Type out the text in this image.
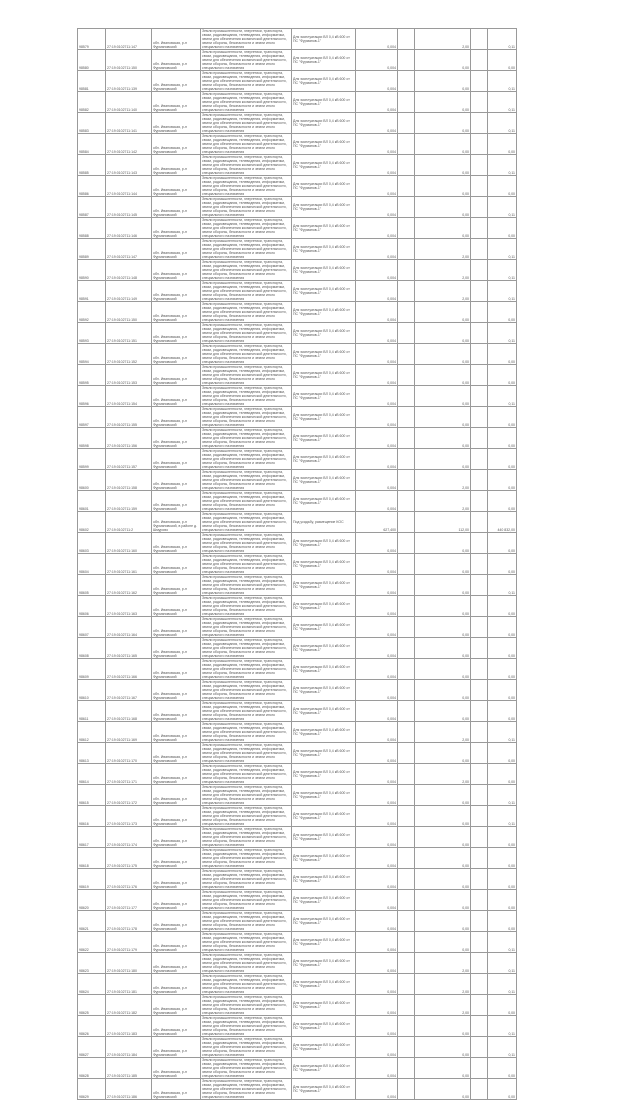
98579	27:19:0102711:147	обл. Ивановская, р-н Фурмановский	Земли промышленности, энергетики, транспорта, связи, радиовещания, телевидения, информатики, земли для обеспечения космической деятельности, земли обороны, безопасности и земли иного специального назначения	Для эксплуатации ВЛ 0,4 кВ 600 от ПС "Фурманов-1"	0,004		2,00		0,11
98580	27:19:0102711:150	обл. Ивановская, р-н Фурмановский	Земли промышленности, энергетики, транспорта, связи, радиовещания, телевидения, информатики, земли для обеспечения космической деятельности, земли обороны, безопасности и земли иного специального назначения	Для эксплуатации ВЛ 0,4 кВ 600 от ПС "Фурманов-1"	0,004		0,00		0,00
98581	27:19:0102711:139	обл. Ивановская, р-н Фурмановский	Земли промышленности, энергетики, транспорта, связи, радиовещания, телевидения, информатики, земли для обеспечения космической деятельности, земли обороны, безопасности и земли иного специального назначения	Для эксплуатации ВЛ 0,4 кВ 600 от ПС "Фурманов-1"	0,004		0,00		0,11
98582	27:19:0102711:140	обл. Ивановская, р-н Фурмановский	Земли промышленности, энергетики, транспорта, связи, радиовещания, телевидения, информатики, земли для обеспечения космической деятельности, земли обороны, безопасности и земли иного специального назначения	Для эксплуатации ВЛ 0,4 кВ 600 от ПС "Фурманов-1"	0,004		0,00		0,11
98583	27:19:0102711:141	обл. Ивановская, р-н Фурмановский	Земли промышленности, энергетики, транспорта, связи, радиовещания, телевидения, информатики, земли для обеспечения космической деятельности, земли обороны, безопасности и земли иного специального назначения	Для эксплуатации ВЛ 0,4 кВ 600 от ПС "Фурманов-1"	0,004		0,00		0,11
98584	27:19:0102711:142	обл. Ивановская, р-н Фурмановский	Земли промышленности, энергетики, транспорта, связи, радиовещания, телевидения, информатики, земли для обеспечения космической деятельности, земли обороны, безопасности и земли иного специального назначения	Для эксплуатации ВЛ 0,4 кВ 600 от ПС "Фурманов-1"	0,004		0,00		0,00
98585	27:19:0102711:143	обл. Ивановская, р-н Фурмановский	Земли промышленности, энергетики, транспорта, связи, радиовещания, телевидения, информатики, земли для обеспечения космической деятельности, земли обороны, безопасности и земли иного специального назначения	Для эксплуатации ВЛ 0,4 кВ 600 от ПС "Фурманов-1"	0,004		0,00		0,11
98586	27:19:0102711:144	обл. Ивановская, р-н Фурмановский	Земли промышленности, энергетики, транспорта, связи, радиовещания, телевидения, информатики, земли для обеспечения космической деятельности, земли обороны, безопасности и земли иного специального назначения	Для эксплуатации ВЛ 0,4 кВ 600 от ПС "Фурманов-1"	0,004		0,00		0,00
98587	27:19:0102711:145	обл. Ивановская, р-н Фурмановский	Земли промышленности, энергетики, транспорта, связи, радиовещания, телевидения, информатики, земли для обеспечения космической деятельности, земли обороны, безопасности и земли иного специального назначения	Для эксплуатации ВЛ 0,4 кВ 600 от ПС "Фурманов-1"	0,004		0,00		0,11
98588	27:19:0102711:146	обл. Ивановская, р-н Фурмановский	Земли промышленности, энергетики, транспорта, связи, радиовещания, телевидения, информатики, земли для обеспечения космической деятельности, земли обороны, безопасности и земли иного специального назначения	Для эксплуатации ВЛ 0,4 кВ 600 от ПС "Фурманов-1"	0,004		0,00		0,00
98589	27:19:0102711:147	обл. Ивановская, р-н Фурмановский	Земли промышленности, энергетики, транспорта, связи, радиовещания, телевидения, информатики, земли для обеспечения космической деятельности, земли обороны, безопасности и земли иного специального назначения	Для эксплуатации ВЛ 0,4 кВ 600 от ПС "Фурманов-1"	0,004		2,00		0,11
98590	27:19:0102711:148	обл. Ивановская, р-н Фурмановский	Земли промышленности, энергетики, транспорта, связи, радиовещания, телевидения, информатики, земли для обеспечения космической деятельности, земли обороны, безопасности и земли иного специального назначения	Для эксплуатации ВЛ 0,4 кВ 600 от ПС "Фурманов-1"	0,004		2,00		0,11
98591	27:19:0102711:149	обл. Ивановская, р-н Фурмановский	Земли промышленности, энергетики, транспорта, связи, радиовещания, телевидения, информатики, земли для обеспечения космической деятельности, земли обороны, безопасности и земли иного специального назначения	Для эксплуатации ВЛ 0,4 кВ 600 от ПС "Фурманов-1"	0,004		2,00		0,11
98592	27:19:0102711:150	обл. Ивановская, р-н Фурмановский	Земли промышленности, энергетики, транспорта, связи, радиовещания, телевидения, информатики, земли для обеспечения космической деятельности, земли обороны, безопасности и земли иного специального назначения	Для эксплуатации ВЛ 0,4 кВ 600 от ПС "Фурманов-1"	0,004		0,00		0,00
98593	27:19:0102711:151	обл. Ивановская, р-н Фурмановский	Земли промышленности, энергетики, транспорта, связи, радиовещания, телевидения, информатики, земли для обеспечения космической деятельности, земли обороны, безопасности и земли иного специального назначения	Для эксплуатации ВЛ 0,4 кВ 600 от ПС "Фурманов-1"	0,004		0,00		0,11
98594	27:19:0102711:152	обл. Ивановская, р-н Фурмановский	Земли промышленности, энергетики, транспорта, связи, радиовещания, телевидения, информатики, земли для обеспечения космической деятельности, земли обороны, безопасности и земли иного специального назначения	Для эксплуатации ВЛ 0,4 кВ 600 от ПС "Фурманов-1"	0,004		0,00		0,00
98595	27:19:0102711:153	обл. Ивановская, р-н Фурмановский	Земли промышленности, энергетики, транспорта, связи, радиовещания, телевидения, информатики, земли для обеспечения космической деятельности, земли обороны, безопасности и земли иного специального назначения	Для эксплуатации ВЛ 0,4 кВ 600 от ПС "Фурманов-1"	0,004		0,00		0,00
98596	27:19:0102711:154	обл. Ивановская, р-н Фурмановский	Земли промышленности, энергетики, транспорта, связи, радиовещания, телевидения, информатики, земли для обеспечения космической деятельности, земли обороны, безопасности и земли иного специального назначения	Для эксплуатации ВЛ 0,4 кВ 600 от ПС "Фурманов-1"	0,004		0,00		0,11
98597	27:19:0102711:155	обл. Ивановская, р-н Фурмановский	Земли промышленности, энергетики, транспорта, связи, радиовещания, телевидения, информатики, земли для обеспечения космической деятельности, земли обороны, безопасности и земли иного специального назначения	Для эксплуатации ВЛ 0,4 кВ 600 от ПС "Фурманов-1"	0,004		0,00		0,00
98598	27:19:0102711:156	обл. Ивановская, р-н Фурмановский	Земли промышленности, энергетики, транспорта, связи, радиовещания, телевидения, информатики, земли для обеспечения космической деятельности, земли обороны, безопасности и земли иного специального назначения	Для эксплуатации ВЛ 0,4 кВ 600 от ПС "Фурманов-1"	0,004		0,00		0,00
98599	27:19:0102711:157	обл. Ивановская, р-н Фурмановский	Земли промышленности, энергетики, транспорта, связи, радиовещания, телевидения, информатики, земли для обеспечения космической деятельности, земли обороны, безопасности и земли иного специального назначения	Для эксплуатации ВЛ 0,4 кВ 600 от ПС "Фурманов-1"	0,004		0,00		0,00
98600	27:19:0102711:158	обл. Ивановская, р-н Фурмановский	Земли промышленности, энергетики, транспорта, связи, радиовещания, телевидения, информатики, земли для обеспечения космической деятельности, земли обороны, безопасности и земли иного специального назначения	Для эксплуатации ВЛ 0,4 кВ 600 от ПС "Фурманов-1"	0,004		2,00		0,00
98601	27:19:0102711:159	обл. Ивановская, р-н Фурмановский	Земли промышленности, энергетики, транспорта, связи, радиовещания, телевидения, информатики, земли для обеспечения космической деятельности, земли обороны, безопасности и земли иного специального назначения	Для эксплуатации ВЛ 0,4 кВ 600 от ПС "Фурманов-1"	0,004		2,00		0,00
98602	27:19:0102711:2	обл. Ивановская, р-н Фурмановский, в районе д. Шмурово	Земли промышленности, энергетики, транспорта, связи, радиовещания, телевидения, информатики, земли для обеспечения космической деятельности, земли обороны, безопасности и земли иного специального назначения	Под усадьбу, размещение КОС	627,400		112,00		440 832,00
98603	27:19:0102711:160	обл. Ивановская, р-н Фурмановский	Земли промышленности, энергетики, транспорта, связи, радиовещания, телевидения, информатики, земли для обеспечения космической деятельности, земли обороны, безопасности и земли иного специального назначения	Для эксплуатации ВЛ 0,4 кВ 600 от ПС "Фурманов-1"	0,004		0,00		0,00
98604	27:19:0102711:161	обл. Ивановская, р-н Фурмановский	Земли промышленности, энергетики, транспорта, связи, радиовещания, телевидения, информатики, земли для обеспечения космической деятельности, земли обороны, безопасности и земли иного специального назначения	Для эксплуатации ВЛ 0,4 кВ 600 от ПС "Фурманов-1"	0,004		0,00		0,00
98605	27:19:0102711:162	обл. Ивановская, р-н Фурмановский	Земли промышленности, энергетики, транспорта, связи, радиовещания, телевидения, информатики, земли для обеспечения космической деятельности, земли обороны, безопасности и земли иного специального назначения	Для эксплуатации ВЛ 0,4 кВ 600 от ПС "Фурманов-1"	0,004		0,00		0,11
98606	27:19:0102711:163	обл. Ивановская, р-н Фурмановский	Земли промышленности, энергетики, транспорта, связи, радиовещания, телевидения, информатики, земли для обеспечения космической деятельности, земли обороны, безопасности и земли иного специального назначения	Для эксплуатации ВЛ 0,4 кВ 600 от ПС "Фурманов-1"	0,004		0,00		0,00
98607	27:19:0102711:164	обл. Ивановская, р-н Фурмановский	Земли промышленности, энергетики, транспорта, связи, радиовещания, телевидения, информатики, земли для обеспечения космической деятельности, земли обороны, безопасности и земли иного специального назначения	Для эксплуатации ВЛ 0,4 кВ 600 от ПС "Фурманов-1"	0,004		0,00		0,00
98608	27:19:0102711:165	обл. Ивановская, р-н Фурмановский	Земли промышленности, энергетики, транспорта, связи, радиовещания, телевидения, информатики, земли для обеспечения космической деятельности, земли обороны, безопасности и земли иного специального назначения	Для эксплуатации ВЛ 0,4 кВ 600 от ПС "Фурманов-1"	0,004		0,00		0,00
98609	27:19:0102711:166	обл. Ивановская, р-н Фурмановский	Земли промышленности, энергетики, транспорта, связи, радиовещания, телевидения, информатики, земли для обеспечения космической деятельности, земли обороны, безопасности и земли иного специального назначения	Для эксплуатации ВЛ 0,4 кВ 600 от ПС "Фурманов-1"	0,004		0,00		0,00
98610	27:19:0102711:167	обл. Ивановская, р-н Фурмановский	Земли промышленности, энергетики, транспорта, связи, радиовещания, телевидения, информатики, земли для обеспечения космической деятельности, земли обороны, безопасности и земли иного специального назначения	Для эксплуатации ВЛ 0,4 кВ 600 от ПС "Фурманов-1"	0,004		0,00		0,00
98611	27:19:0102711:168	обл. Ивановская, р-н Фурмановский	Земли промышленности, энергетики, транспорта, связи, радиовещания, телевидения, информатики, земли для обеспечения космической деятельности, земли обороны, безопасности и земли иного специального назначения	Для эксплуатации ВЛ 0,4 кВ 600 от ПС "Фурманов-1"	0,004		0,00		0,00
98612	27:19:0102711:169	обл. Ивановская, р-н Фурмановский	Земли промышленности, энергетики, транспорта, связи, радиовещания, телевидения, информатики, земли для обеспечения космической деятельности, земли обороны, безопасности и земли иного специального назначения	Для эксплуатации ВЛ 0,4 кВ 600 от ПС "Фурманов-1"	0,004		2,00		0,11
98613	27:19:0102711:170	обл. Ивановская, р-н Фурмановский	Земли промышленности, энергетики, транспорта, связи, радиовещания, телевидения, информатики, земли для обеспечения космической деятельности, земли обороны, безопасности и земли иного специального назначения	Для эксплуатации ВЛ 0,4 кВ 600 от ПС "Фурманов-1"	0,004		0,00		0,00
98614	27:19:0102711:171	обл. Ивановская, р-н Фурмановский	Земли промышленности, энергетики, транспорта, связи, радиовещания, телевидения, информатики, земли для обеспечения космической деятельности, земли обороны, безопасности и земли иного специального назначения	Для эксплуатации ВЛ 0,4 кВ 600 от ПС "Фурманов-1"	0,004		2,00		0,00
98615	27:19:0102711:172	обл. Ивановская, р-н Фурмановский	Земли промышленности, энергетики, транспорта, связи, радиовещания, телевидения, информатики, земли для обеспечения космической деятельности, земли обороны, безопасности и земли иного специального назначения	Для эксплуатации ВЛ 0,4 кВ 600 от ПС "Фурманов-1"	0,004		0,00		0,11
98616	27:19:0102711:173	обл. Ивановская, р-н Фурмановский	Земли промышленности, энергетики, транспорта, связи, радиовещания, телевидения, информатики, земли для обеспечения космической деятельности, земли обороны, безопасности и земли иного специального назначения	Для эксплуатации ВЛ 0,4 кВ 600 от ПС "Фурманов-1"	0,004		0,00		0,11
98617	27:19:0102711:174	обл. Ивановская, р-н Фурмановский	Земли промышленности, энергетики, транспорта, связи, радиовещания, телевидения, информатики, земли для обеспечения космической деятельности, земли обороны, безопасности и земли иного специального назначения	Для эксплуатации ВЛ 0,4 кВ 600 от ПС "Фурманов-1"	0,004		0,00		0,00
98618	27:19:0102711:175	обл. Ивановская, р-н Фурмановский	Земли промышленности, энергетики, транспорта, связи, радиовещания, телевидения, информатики, земли для обеспечения космической деятельности, земли обороны, безопасности и земли иного специального назначения	Для эксплуатации ВЛ 0,4 кВ 600 от ПС "Фурманов-1"	0,004		0,00		0,00
98619	27:19:0102711:176	обл. Ивановская, р-н Фурмановский	Земли промышленности, энергетики, транспорта, связи, радиовещания, телевидения, информатики, земли для обеспечения космической деятельности, земли обороны, безопасности и земли иного специального назначения	Для эксплуатации ВЛ 0,4 кВ 600 от ПС "Фурманов-1"	0,004		0,00		0,00
98620	27:19:0102711:177	обл. Ивановская, р-н Фурмановский	Земли промышленности, энергетики, транспорта, связи, радиовещания, телевидения, информатики, земли для обеспечения космической деятельности, земли обороны, безопасности и земли иного специального назначения	Для эксплуатации ВЛ 0,4 кВ 600 от ПС "Фурманов-1"	0,004		0,00		0,00
98621	27:19:0102711:178	обл. Ивановская, р-н Фурмановский	Земли промышленности, энергетики, транспорта, связи, радиовещания, телевидения, информатики, земли для обеспечения космической деятельности, земли обороны, безопасности и земли иного специального назначения	Для эксплуатации ВЛ 0,4 кВ 600 от ПС "Фурманов-1"	0,004		0,00		0,00
98622	27:19:0102711:179	обл. Ивановская, р-н Фурмановский	Земли промышленности, энергетики, транспорта, связи, радиовещания, телевидения, информатики, земли для обеспечения космической деятельности, земли обороны, безопасности и земли иного специального назначения	Для эксплуатации ВЛ 0,4 кВ 600 от ПС "Фурманов-1"	0,004		0,00		0,11
98623	27:19:0102711:180	обл. Ивановская, р-н Фурмановский	Земли промышленности, энергетики, транспорта, связи, радиовещания, телевидения, информатики, земли для обеспечения космической деятельности, земли обороны, безопасности и земли иного специального назначения	Для эксплуатации ВЛ 0,4 кВ 600 от ПС "Фурманов-1"	0,004		2,00		0,11
98624	27:19:0102711:181	обл. Ивановская, р-н Фурмановский	Земли промышленности, энергетики, транспорта, связи, радиовещания, телевидения, информатики, земли для обеспечения космической деятельности, земли обороны, безопасности и земли иного специального назначения	Для эксплуатации ВЛ 0,4 кВ 600 от ПС "Фурманов-1"	0,004		2,00		0,11
98625	27:19:0102711:182	обл. Ивановская, р-н Фурмановский	Земли промышленности, энергетики, транспорта, связи, радиовещания, телевидения, информатики, земли для обеспечения космической деятельности, земли обороны, безопасности и земли иного специального назначения	Для эксплуатации ВЛ 0,4 кВ 600 от ПС "Фурманов-1"	0,004		2,00		0,00
98626	27:19:0102711:183	обл. Ивановская, р-н Фурмановский	Земли промышленности, энергетики, транспорта, связи, радиовещания, телевидения, информатики, земли для обеспечения космической деятельности, земли обороны, безопасности и земли иного специального назначения	Для эксплуатации ВЛ 0,4 кВ 600 от ПС "Фурманов-1"	0,004		0,00		0,11
98627	27:19:0102711:184	обл. Ивановская, р-н Фурмановский	Земли промышленности, энергетики, транспорта, связи, радиовещания, телевидения, информатики, земли для обеспечения космической деятельности, земли обороны, безопасности и земли иного специального назначения	Для эксплуатации ВЛ 0,4 кВ 600 от ПС "Фурманов-1"	0,004		0,00		0,11
98628	27:19:0102711:185	обл. Ивановская, р-н Фурмановский	Земли промышленности, энергетики, транспорта, связи, радиовещания, телевидения, информатики, земли для обеспечения космической деятельности, земли обороны, безопасности и земли иного специального назначения	Для эксплуатации ВЛ 0,4 кВ 600 от ПС "Фурманов-1"	0,004		0,00		0,00
98629	27:19:0102711:186	обл. Ивановская, р-н Фурмановский	Земли промышленности, энергетики, транспорта, связи, радиовещания, телевидения, информатики, земли для обеспечения космической деятельности, земли обороны, безопасности и земли иного специального назначения	Для эксплуатации ВЛ 0,4 кВ 600 от ПС "Фурманов-1"	0,004		0,00		0,00
